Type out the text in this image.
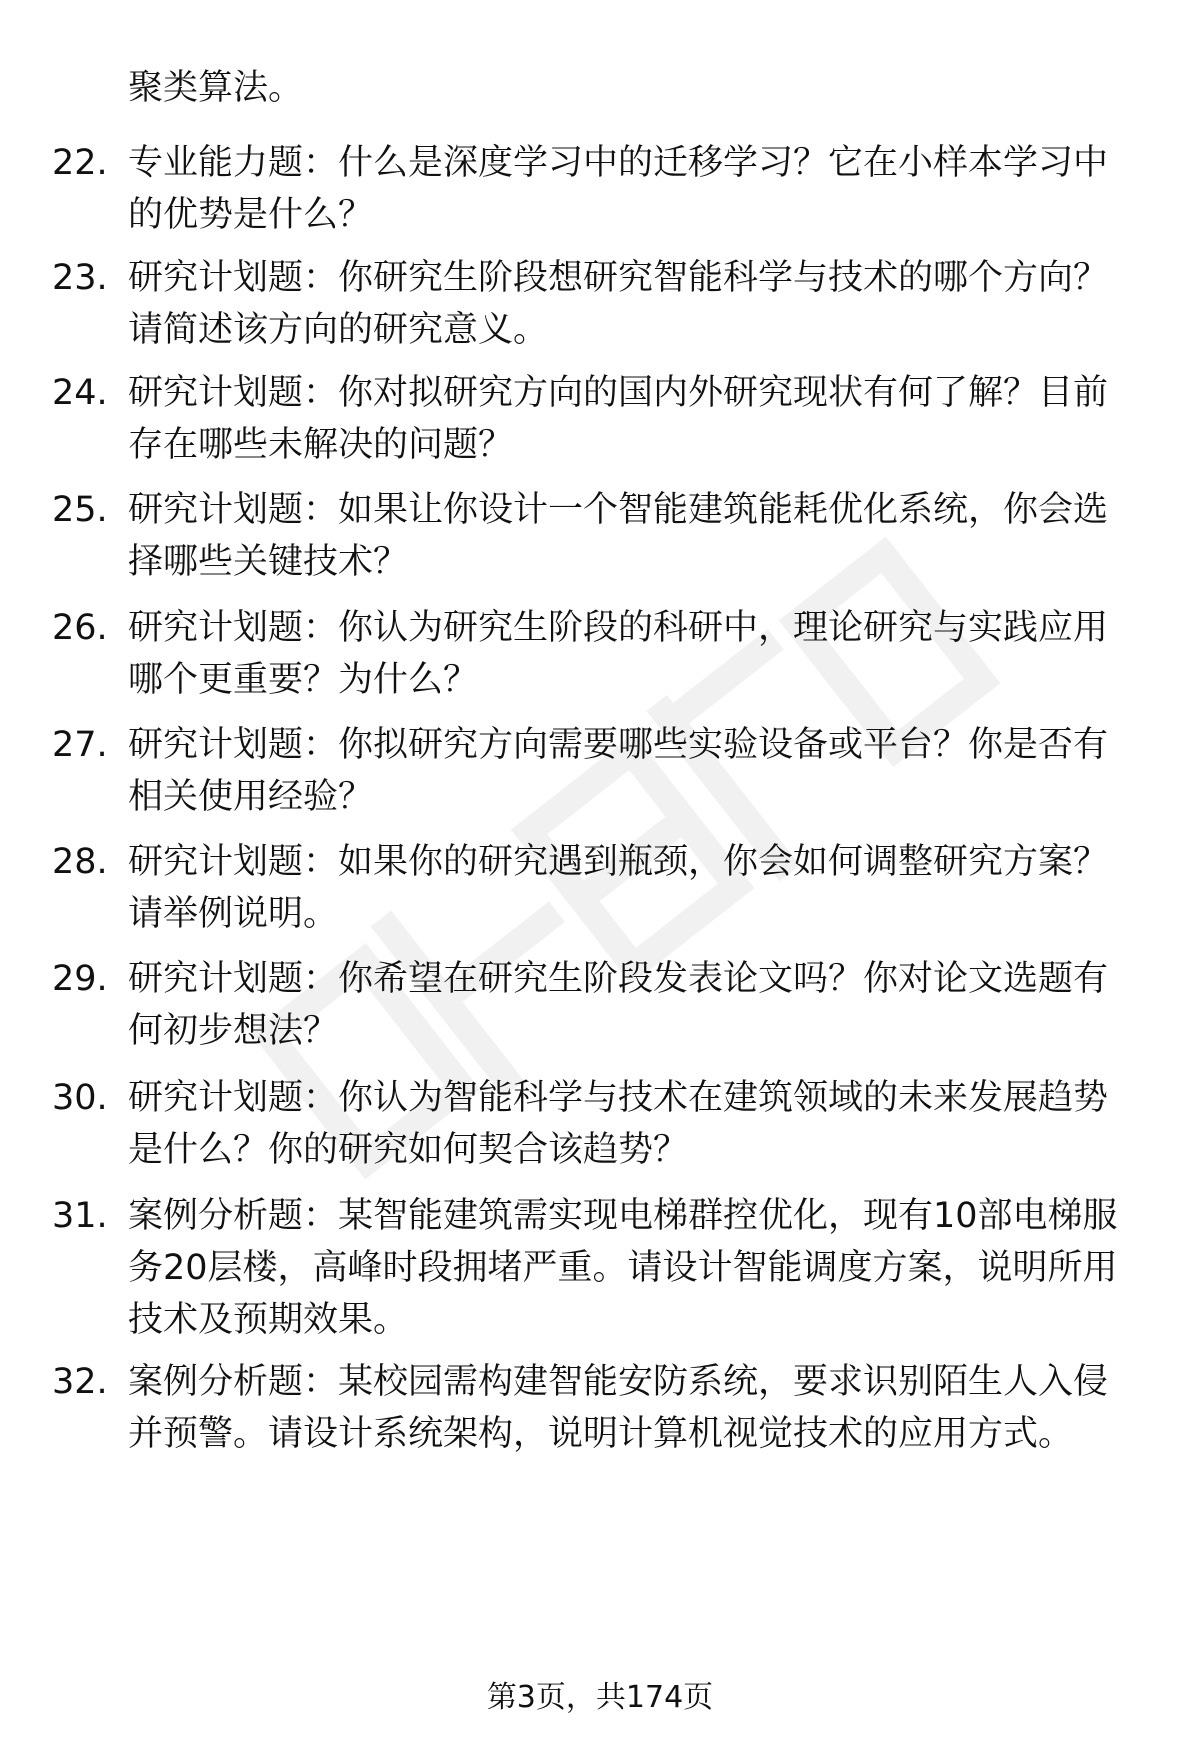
聚类算法。
22. 专业能力题：什么是深度学习中的迁移学习？它在小样本学习中的优势是什么？
23. 研究计划题：你研究生阶段想研究智能科学与技术的哪个方向？请简述该方向的研究意义。
24. 研究计划题：你对拟研究方向的国内外研究现状有何了解？目前存在哪些未解决的问题？
25. 研究计划题：如果让你设计一个智能建筑能耗优化系统，你会选择哪些关键技术？
26. 研究计划题：你认为研究生阶段的科研中，理论研究与实践应用哪个更重要？为什么？
27. 研究计划题：你拟研究方向需要哪些实验设备或平台？你是否有相关使用经验？
28. 研究计划题：如果你的研究遇到瓶颈，你会如何调整研究方案？请举例说明。
29. 研究计划题：你希望在研究生阶段发表论文吗？你对论文选题有何初步想法？
30. 研究计划题：你认为智能科学与技术在建筑领域的未来发展趋势是什么？你的研究如何契合该趋势？
31. 案例分析题：某智能建筑需实现电梯群控优化，现有10部电梯服务20层楼，高峰时段拥堵严重。请设计智能调度方案，说明所用技术及预期效果。
32. 案例分析题：某校园需构建智能安防系统，要求识别陌生人入侵并预警。请设计系统架构，说明计算机视觉技术的应用方式。
第3页，共174页
